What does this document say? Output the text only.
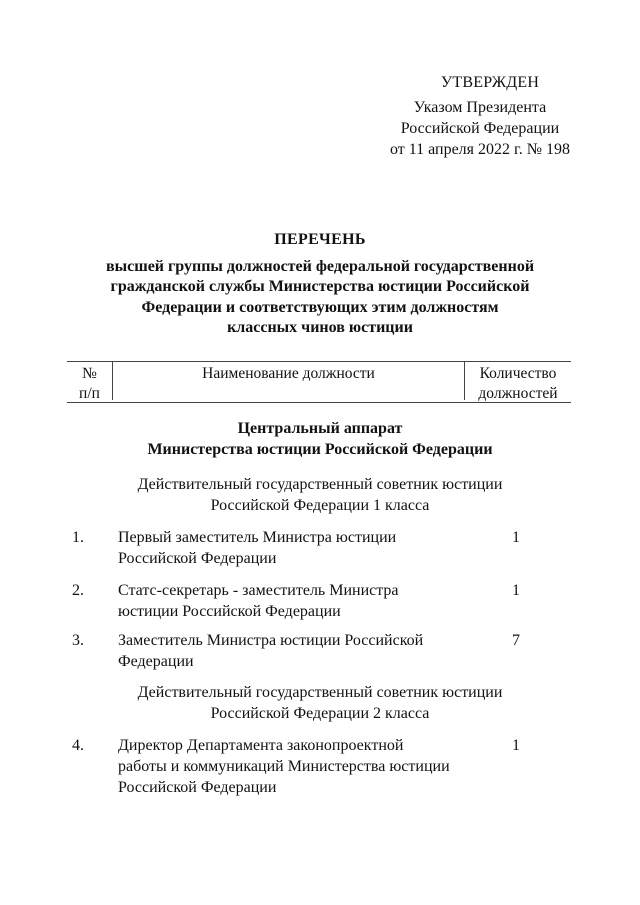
УТВЕРЖДЕН
Указом Президента
Российской Федерации
от 11 апреля 2022 г. № 198
ПЕРЕЧЕНЬ
высшей группы должностей федеральной государственной
гражданской службы Министерства юстиции Российской
Федерации и соответствующих этим должностям
классных чинов юстиции
№
п/п
Наименование должности	Количество
должностей
Центральный аппарат
Министерства юстиции Российской Федерации
Действительный государственный советник юстиции
Российской Федерации 1 класса
1. Первый заместитель Министра юстиции
Российской Федерации
1
2. Статс-секретарь - заместитель Министра
юстиции Российской Федерации
1
3. Заместитель Министра юстиции Российской
Федерации
7
Действительный государственный советник юстиции
Российской Федерации 2 класса
4. Директор Департамента законопроектной
работы и коммуникаций Министерства юстиции
Российской Федерации
1
